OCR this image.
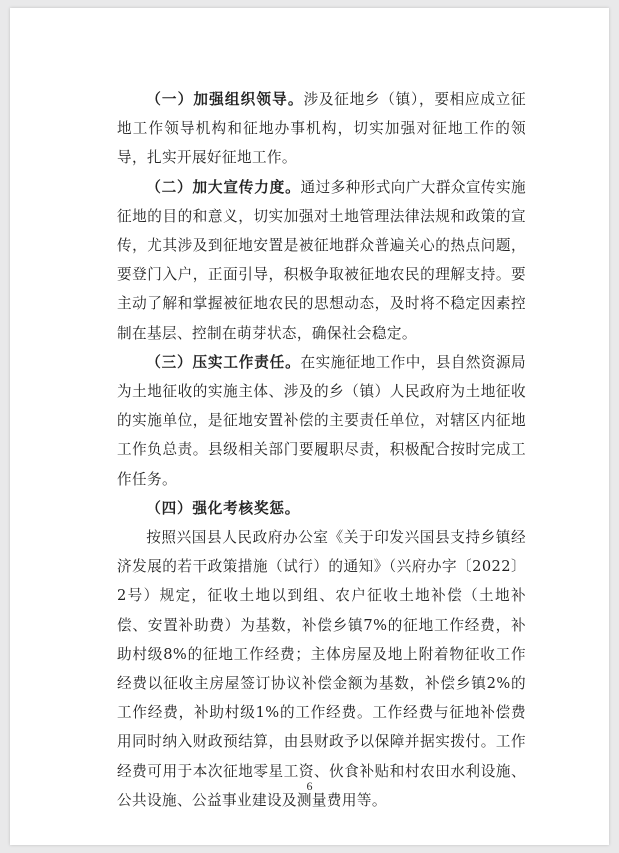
（一）加强组织领导。涉及征地乡（镇），要相应成立征地工作领导机构和征地办事机构，切实加强对征地工作的领导，扎实开展好征地工作。

（二）加大宣传力度。通过多种形式向广大群众宣传实施征地的目的和意义，切实加强对土地管理法律法规和政策的宣传，尤其涉及到征地安置是被征地群众普遍关心的热点问题，要登门入户，正面引导，积极争取被征地农民的理解支持。要主动了解和掌握被征地农民的思想动态，及时将不稳定因素控制在基层、控制在萌芽状态，确保社会稳定。

（三）压实工作责任。在实施征地工作中，县自然资源局为土地征收的实施主体、涉及的乡（镇）人民政府为土地征收的实施单位，是征地安置补偿的主要责任单位，对辖区内征地工作负总责。县级相关部门要履职尽责，积极配合按时完成工作任务。

（四）强化考核奖惩。

按照兴国县人民政府办公室《关于印发兴国县支持乡镇经济发展的若干政策措施（试行）的通知》（兴府办字〔2022〕2号）规定，征收土地以到组、农户征收土地补偿（土地补偿、安置补助费）为基数，补偿乡镇7%的征地工作经费，补助村级8%的征地工作经费；主体房屋及地上附着物征收工作经费以征收主房屋签订协议补偿金额为基数，补偿乡镇2%的工作经费，补助村级1%的工作经费。工作经费与征地补偿费用同时纳入财政预结算，由县财政予以保障并据实拨付。工作经费可用于本次征地零星工资、伙食补贴和村农田水利设施、公共设施、公益事业建设及测量费用等。

6
